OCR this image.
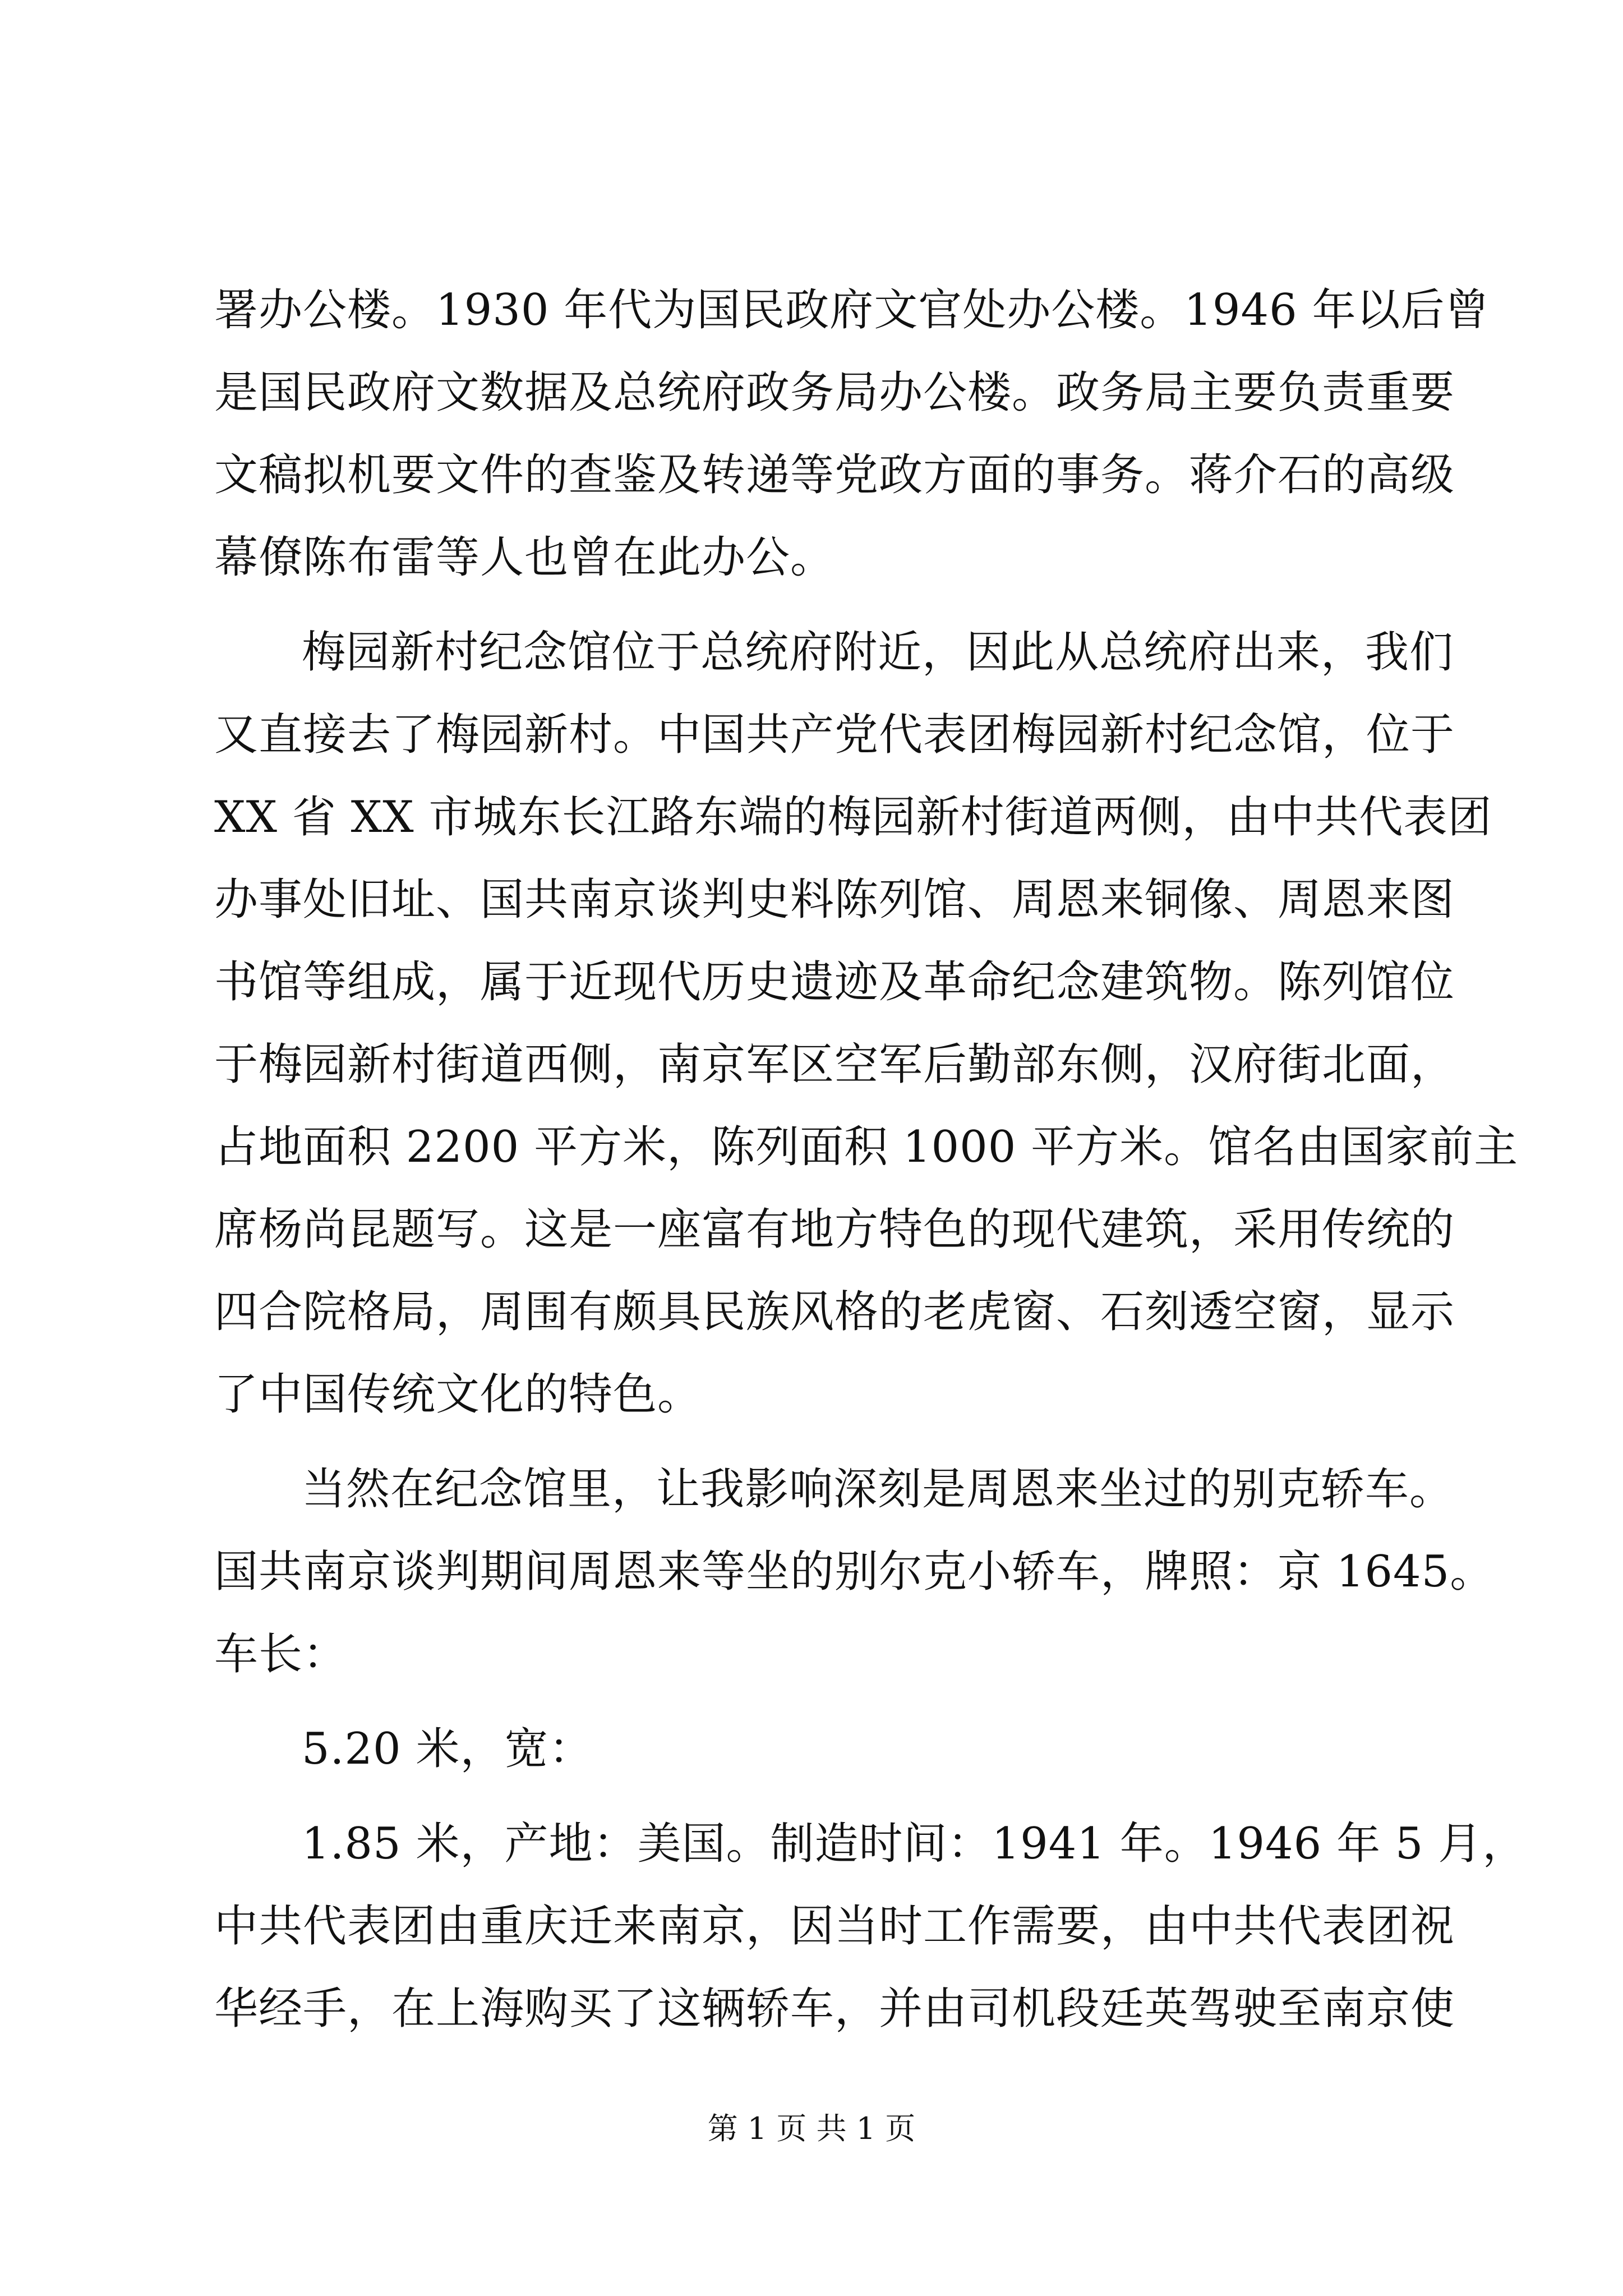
署办公楼。1930 年代为国民政府文官处办公楼。1946 年以后曾
是国民政府文数据及总统府政务局办公楼。政务局主要负责重要
文稿拟机要文件的查鉴及转递等党政方面的事务。蒋介石的高级
幕僚陈布雷等人也曾在此办公。
梅园新村纪念馆位于总统府附近，因此从总统府出来，我们
又直接去了梅园新村。中国共产党代表团梅园新村纪念馆，位于
XX 省 XX 市城东长江路东端的梅园新村街道两侧，由中共代表团
办事处旧址、国共南京谈判史料陈列馆、周恩来铜像、周恩来图
书馆等组成，属于近现代历史遗迹及革命纪念建筑物。陈列馆位
于梅园新村街道西侧，南京军区空军后勤部东侧，汉府街北面，
占地面积 2200 平方米，陈列面积 1000 平方米。馆名由国家前主
席杨尚昆题写。这是一座富有地方特色的现代建筑，采用传统的
四合院格局，周围有颇具民族风格的老虎窗、石刻透空窗，显示
了中国传统文化的特色。
当然在纪念馆里，让我影响深刻是周恩来坐过的别克轿车。
国共南京谈判期间周恩来等坐的别尔克小轿车，牌照：京 1645。
车长：
5.20 米，宽：
1.85 米，产地：美国。制造时间：1941 年。1946 年 5 月，
中共代表团由重庆迁来南京，因当时工作需要，由中共代表团祝
华经手，在上海购买了这辆轿车，并由司机段廷英驾驶至南京使
第 1 页 共 1 页
